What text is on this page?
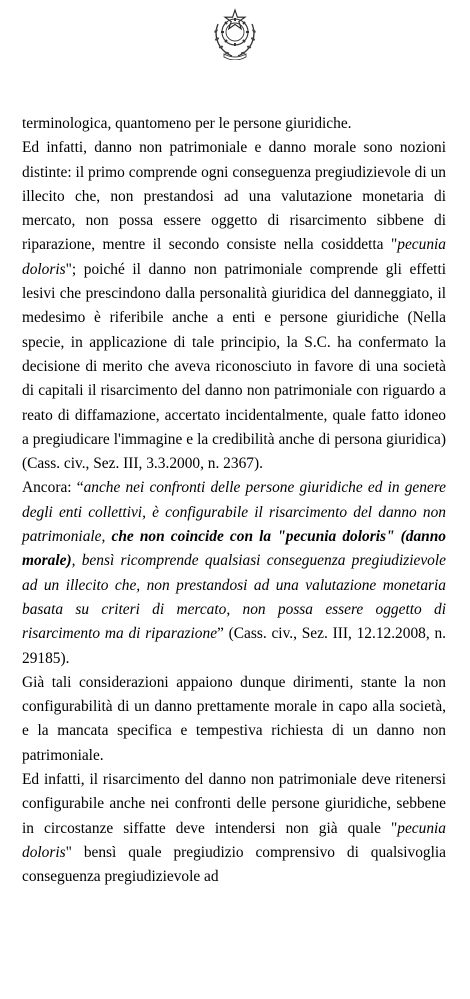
terminologica, quantomeno per le persone giuridiche.

Ed infatti, danno non patrimoniale e danno morale sono nozioni distinte: il primo comprende ogni conseguenza pregiudizievole di un illecito che, non prestandosi ad una valutazione monetaria di mercato, non possa essere oggetto di risarcimento sibbene di riparazione, mentre il secondo consiste nella cosiddetta "pecunia doloris"; poiché il danno non patrimoniale comprende gli effetti lesivi che prescindono dalla personalità giuridica del danneggiato, il medesimo è riferibile anche a enti e persone giuridiche (Nella specie, in applicazione di tale principio, la S.C. ha confermato la decisione di merito che aveva riconosciuto in favore di una società di capitali il risarcimento del danno non patrimoniale con riguardo a reato di diffamazione, accertato incidentalmente, quale fatto idoneo a pregiudicare l'immagine e la credibilità anche di persona giuridica) (Cass. civ., Sez. III, 3.3.2000, n. 2367).

Ancora: “anche nei confronti delle persone giuridiche ed in genere degli enti collettivi, è configurabile il risarcimento del danno non patrimoniale, che non coincide con la "pecunia doloris" (danno morale), bensì ricomprende qualsiasi conseguenza pregiudizievole ad un illecito che, non prestandosi ad una valutazione monetaria basata su criteri di mercato, non possa essere oggetto di risarcimento ma di riparazione” (Cass. civ., Sez. III, 12.12.2008, n. 29185).

Già tali considerazioni appaiono dunque dirimenti, stante la non configurabilità di un danno prettamente morale in capo alla società, e la mancata specifica e tempestiva richiesta di un danno non patrimoniale.

Ed infatti, il risarcimento del danno non patrimoniale deve ritenersi configurabile anche nei confronti delle persone giuridiche, sebbene in circostanze siffatte deve intendersi non già quale "pecunia doloris" bensì quale pregiudizio comprensivo di qualsivoglia conseguenza pregiudizievole ad
